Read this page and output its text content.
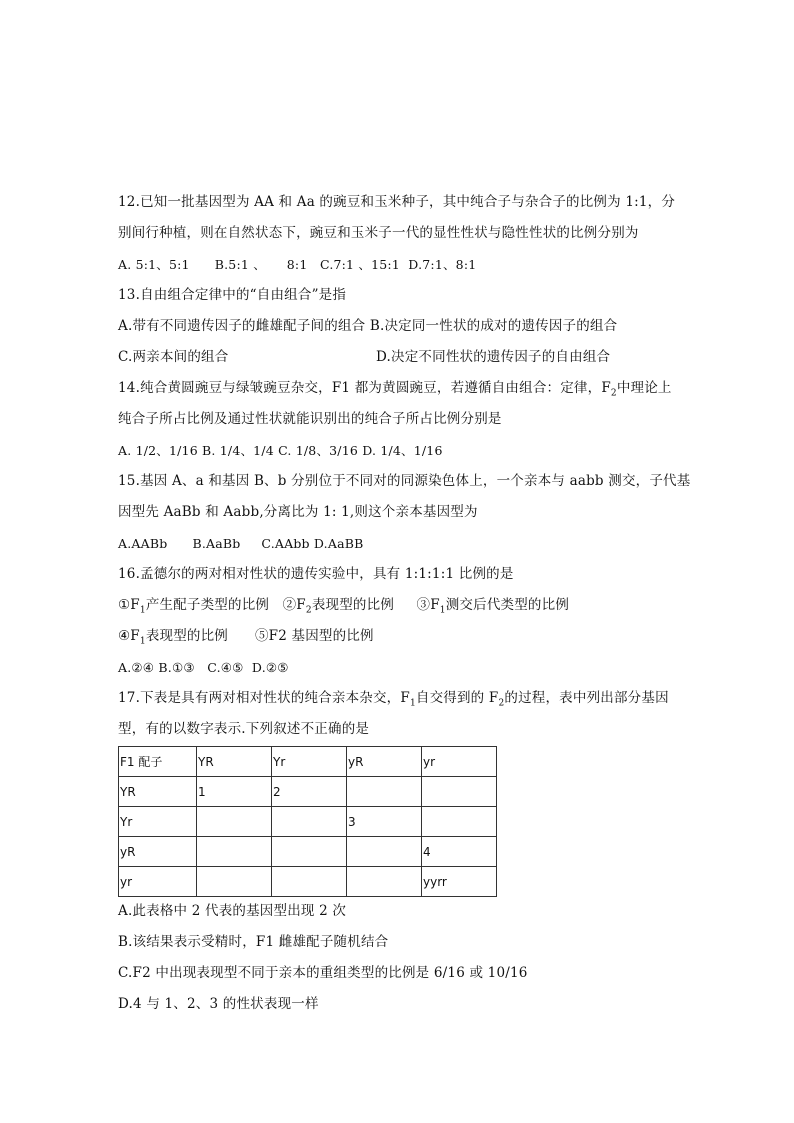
12.已知一批基因型为 AA 和 Aa 的豌豆和玉米种子，其中纯合子与杂合子的比例为 1:1，分
别间行种植，则在自然状态下，豌豆和玉米子一代的显性性状与隐性性状的比例分别为
A. 5:1、5:1      B.5:1 、     8:1   C.7:1 、15:1  D.7:1、8:1
13.自由组合定律中的“自由组合”是指
A.带有不同遗传因子的雌雄配子间的组合 B.决定同一性状的成对的遗传因子的组合
C.两亲本间的组合	D.决定不同性状的遗传因子的自由组合
14.纯合黄圆豌豆与绿皱豌豆杂交，F1 都为黄圆豌豆，若遵循自由组合：定律，$F_2$中理论上
纯合子所占比例及通过性状就能识别出的纯合子所占比例分别是
A. 1/2、1/16 B. 1/4、1/4 C. 1/8、3/16 D. 1/4、1/16
15.基因 A、a 和基因 B、b 分别位于不同对的同源染色体上，一个亲本与 aabb 测交，子代基
因型先 AaBb 和 Aabb,分离比为 1: 1,则这个亲本基因型为
A.AABb      B.AaBb     C.AAbb D.AaBB
16.孟德尔的两对相对性状的遗传实验中，具有 1:1:1:1 比例的是
$①F_1$产生配子类型的比例 $②F_2$表现型的比例 $③F_1$测交后代类型的比例
$④F_1$表现型的比例 ⑤F2 基因型的比例
A.②④ B.①③   C.④⑤  D.②⑤
17.下表是具有两对相对性状的纯合亲本杂交，$F_1$自交得到的 $F_2$的过程，表中列出部分基因
型，有的以数字表示.下列叙述不正确的是
F1 配子	YR	Yr	yR	yr
YR	1	2		
Yr			3	
yR				4
yr				yyrr
A.此表格中 2 代表的基因型出现 2 次
B.该结果表示受精时，F1 雌雄配子随机结合
C.F2 中出现表现型不同于亲本的重组类型的比例是 6/16 或 10/16
D.4 与 1、2、3 的性状表现一样
